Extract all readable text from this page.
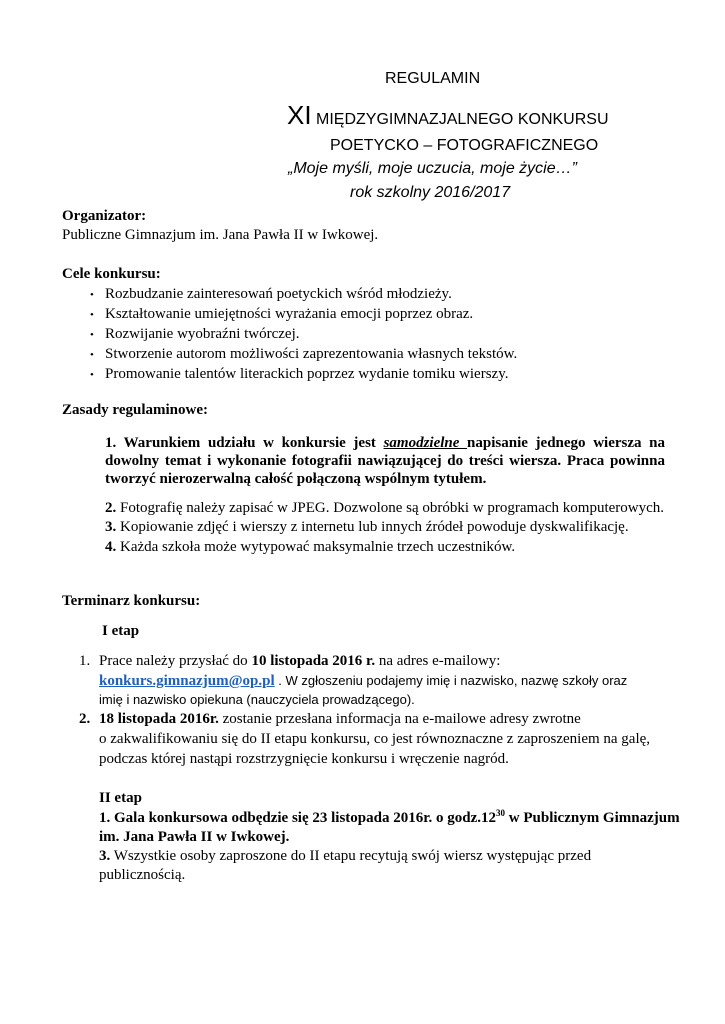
REGULAMIN
XI MIĘDZYGIMNAZJALNEGO KONKURSU
POETYCKO – FOTOGRAFICZNEGO
„Moje myśli, moje uczucia, moje życie…”
rok szkolny 2016/2017
Organizator:
Publiczne Gimnazjum im. Jana Pawła II w Iwkowej.
Cele konkursu:
• Rozbudzanie zainteresowań poetyckich wśród młodzieży.
• Kształtowanie umiejętności wyrażania emocji poprzez obraz.
• Rozwijanie wyobraźni twórczej.
• Stworzenie autorom możliwości zaprezentowania własnych tekstów.
• Promowanie talentów literackich poprzez wydanie tomiku wierszy.
Zasady regulaminowe:
1. Warunkiem udziału w konkursie jest samodzielne napisanie jednego wiersza na
dowolny temat i wykonanie fotografii nawiązującej do treści wiersza. Praca powinna
tworzyć nierozerwalną całość połączoną wspólnym tytułem.
2. Fotografię należy zapisać w JPEG. Dozwolone są obróbki w programach komputerowych.
3. Kopiowanie zdjęć i wierszy z internetu lub innych źródeł powoduje dyskwalifikację.
4. Każda szkoła może wytypować maksymalnie trzech uczestników.
Terminarz konkursu:
I etap
1. Prace należy przysłać do 10 listopada 2016 r. na adres e-mailowy:
konkurs.gimnazjum@op.pl . W zgłoszeniu podajemy imię i nazwisko, nazwę szkoły oraz
imię i nazwisko opiekuna (nauczyciela prowadzącego).
2. 18 listopada 2016r. zostanie przesłana informacja na e-mailowe adresy zwrotne
o zakwalifikowaniu się do II etapu konkursu, co jest równoznaczne z zaproszeniem na galę,
podczas której nastąpi rozstrzygnięcie konkursu i wręczenie nagród.
II etap
1. Gala konkursowa odbędzie się 23 listopada 2016r. o $godz.12^{30}$ w Publicznym Gimnazjum
im. Jana Pawła II w Iwkowej.
3. Wszystkie osoby zaproszone do II etapu recytują swój wiersz występując przed
publicznością.
